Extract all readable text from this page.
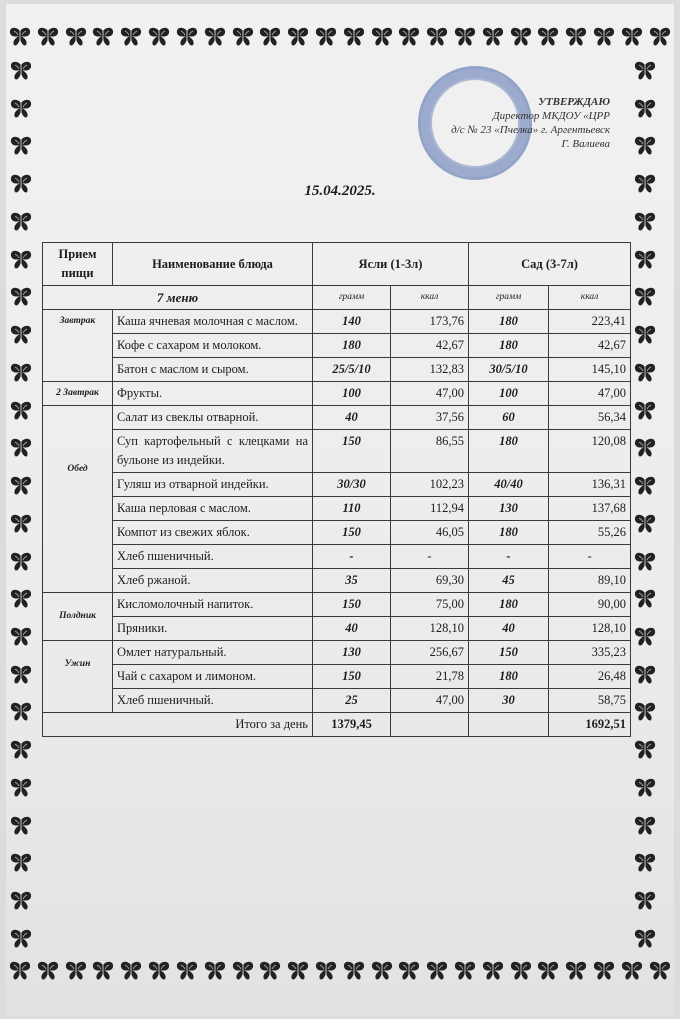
УТВЕРЖДАЮ
Директор МКДОУ «ЦРР
д/с № 23 «Пчелка» г. Аргентьевск
Г. Валиева
15.04.2025.
Прием пищи	Наименование блюда	Ясли (1-3л)		Сад (3-7л)	
7 меню		грамм	ккал	грамм	ккал
Завтрак	Каша ячневая молочная с маслом.	140	173,76	180	223,41
	Кофе с сахаром и молоком.	180	42,67	180	42,67
	Батон с маслом и сыром.	25/5/10	132,83	30/5/10	145,10
2 Завтрак	Фрукты.	100	47,00	100	47,00
Обед	Салат из свеклы отварной.	40	37,56	60	56,34
	Суп картофельный с клецками на бульоне из индейки.	150	86,55	180	120,08
	Гуляш из отварной индейки.	30/30	102,23	40/40	136,31
	Каша перловая с маслом.	110	112,94	130	137,68
	Компот из свежих яблок.	150	46,05	180	55,26
	Хлеб пшеничный.	-	-	-	-
	Хлеб ржаной.	35	69,30	45	89,10
Полдник	Кисломолочный напиток.	150	75,00	180	90,00
	Пряники.	40	128,10	40	128,10
Ужин	Омлет натуральный.	130	256,67	150	335,23
	Чай с сахаром и лимоном.	150	21,78	180	26,48
	Хлеб пшеничный.	25	47,00	30	58,75
Итого за день		1379,45			1692,51
